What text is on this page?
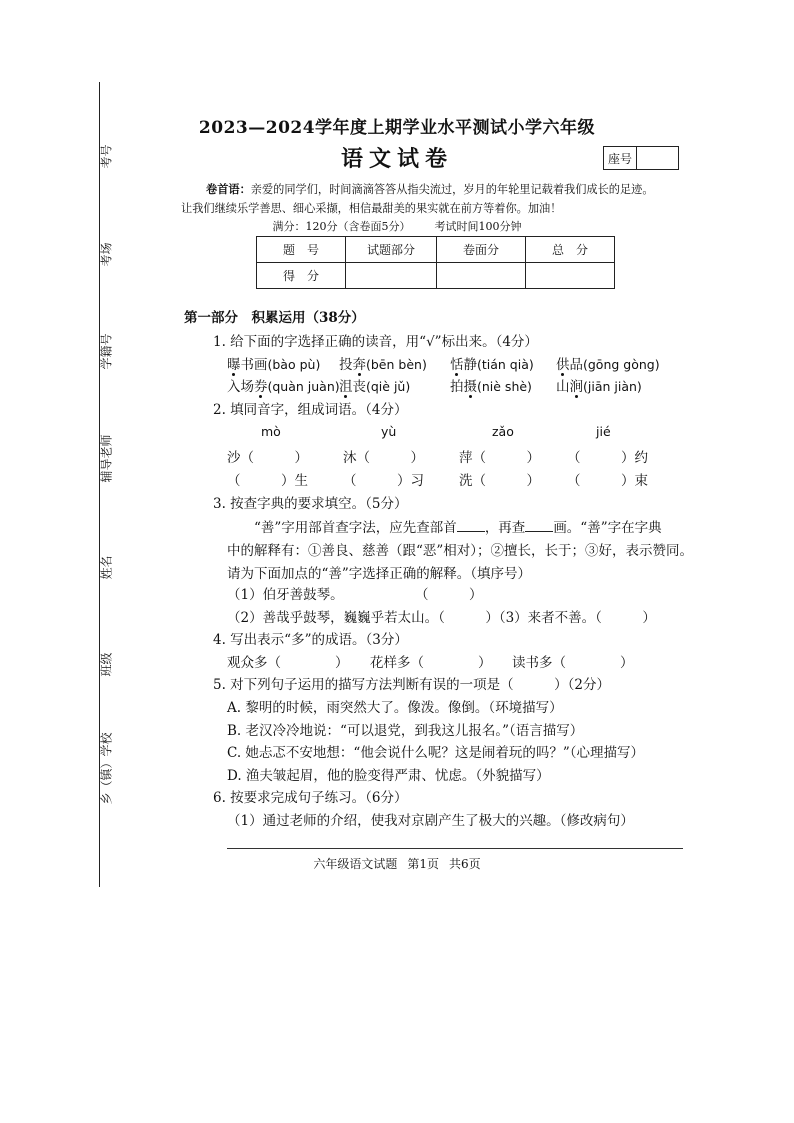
考号
考场
学籍号
辅导老师
姓名
班级
乡（镇）学校
2023—2024学年度上期学业水平测试小学六年级
语文试卷	座号
卷首语：亲爱的同学们，时间滴滴答答从指尖流过，岁月的年轮里记载着我们成长的足迹。
让我们继续乐学善思、细心采撷，相信最甜美的果实就在前方等着你。加油！
满分：120分（含卷面5分） 考试时间100分钟
题　号	试题部分	卷面分	总　分
得　分			
第一部分　积累运用（38分）
1. 给下面的字选择正确的读音，用“√”标出来。（4分）
曝书画(bào pù) 投奔(bēn bèn) 恬静(tián qià) 供品(gōng gòng)
入场券(quàn juàn) 沮丧(qiè jǔ)	拍摄(niè shè) 山涧(jiān jiàn)
2. 填同音字，组成词语。（4分）
mò	yù	zǎo	jié
沙（　　　）	沐（　　　）	萍（　　　） （　　　）约
（　　　）生	（　　　）习	洗（　　　） （　　　）束
3. 按查字典的要求填空。（5分）
“善”字用部首查字法，应先查部首 ，再查 画。“善”字在字典
中的解释有：①善良、慈善（跟“恶”相对）；②擅长，长于；③好，表示赞同。
请为下面加点的“善”字选择正确的解释。（填序号）
（1）伯牙善鼓琴。	（　　　）
（2）善哉乎鼓琴，巍巍乎若太山。（　　　）（3）来者不善。（　　　）
4. 写出表示“多”的成语。（3分）
观众多（　　　　） 花样多（　　　　） 读书多（　　　　）
5. 对下列句子运用的描写方法判断有误的一项是（　　　）（2分）
A. 黎明的时候，雨突然大了。像泼。像倒。（环境描写）
B. 老汉冷冷地说：“可以退党，到我这儿报名。”（语言描写）
C. 她忐忑不安地想：“他会说什么呢？这是闹着玩的吗？”（心理描写）
D. 渔夫皱起眉，他的脸变得严肃、忧虑。（外貌描写）
6. 按要求完成句子练习。（6分）
（1）通过老师的介绍，使我对京剧产生了极大的兴趣。（修改病句）
六年级语文试题 第1页 共6页
